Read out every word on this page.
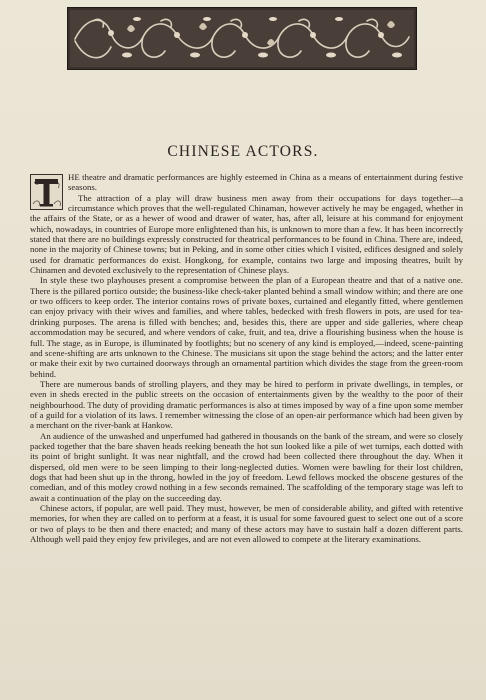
CHINESE ACTORS.

HE theatre and dramatic performances are highly esteemed in China as a means of entertainment during festive seasons.

The attraction of a play will draw business men away from their occupations for days together—a circumstance which proves that the well-regulated Chinaman, however actively he may be engaged, whether in the affairs of the State, or as a hewer of wood and drawer of water, has, after all, leisure at his command for enjoyment which, nowadays, in countries of Europe more enlightened than his, is unknown to more than a few. It has been incorrectly stated that there are no buildings expressly constructed for theatrical performances to be found in China. There are, indeed, none in the majority of Chinese towns; but in Peking, and in some other cities which I visited, edifices designed and solely used for dramatic performances do exist. Hongkong, for example, contains two large and imposing theatres, built by Chinamen and devoted exclusively to the representation of Chinese plays.

In style these two playhouses present a compromise between the plan of a European theatre and that of a native one. There is the pillared portico outside; the business-like check-taker planted behind a small window within; and there are one or two officers to keep order. The interior contains rows of private boxes, curtained and elegantly fitted, where gentlemen can enjoy privacy with their wives and families, and where tables, bedecked with fresh flowers in pots, are used for tea-drinking purposes. The arena is filled with benches; and, besides this, there are upper and side galleries, where cheap accommodation may be secured, and where vendors of cake, fruit, and tea, drive a flourishing business when the house is full. The stage, as in Europe, is illuminated by footlights; but no scenery of any kind is employed,—indeed, scene-painting and scene-shifting are arts unknown to the Chinese. The musicians sit upon the stage behind the actors; and the latter enter or make their exit by two curtained doorways through an ornamental partition which divides the stage from the green-room behind.

There are numerous bands of strolling players, and they may be hired to perform in private dwellings, in temples, or even in sheds erected in the public streets on the occasion of entertainments given by the wealthy to the poor of their neighbourhood. The duty of providing dramatic performances is also at times imposed by way of a fine upon some member of a guild for a violation of its laws. I remember witnessing the close of an open-air performance which had been given by a merchant on the river-bank at Hankow.

An audience of the unwashed and unperfumed had gathered in thousands on the bank of the stream, and were so closely packed together that the bare shaven heads reeking beneath the hot sun looked like a pile of wet turnips, each dotted with its point of bright sunlight. It was near nightfall, and the crowd had been collected there throughout the day. When it dispersed, old men were to be seen limping to their long-neglected duties. Women were bawling for their lost children, dogs that had been shut up in the throng, howled in the joy of freedom. Lewd fellows mocked the obscene gestures of the comedian, and of this motley crowd nothing in a few seconds remained. The scaffolding of the temporary stage was left to await a continuation of the play on the succeeding day.

Chinese actors, if popular, are well paid. They must, however, be men of considerable ability, and gifted with retentive memories, for when they are called on to perform at a feast, it is usual for some favoured guest to select one out of a score or two of plays to be then and there enacted; and many of these actors may have to sustain half a dozen different parts. Although well paid they enjoy few privileges, and are not even allowed to compete at the literary examinations.
